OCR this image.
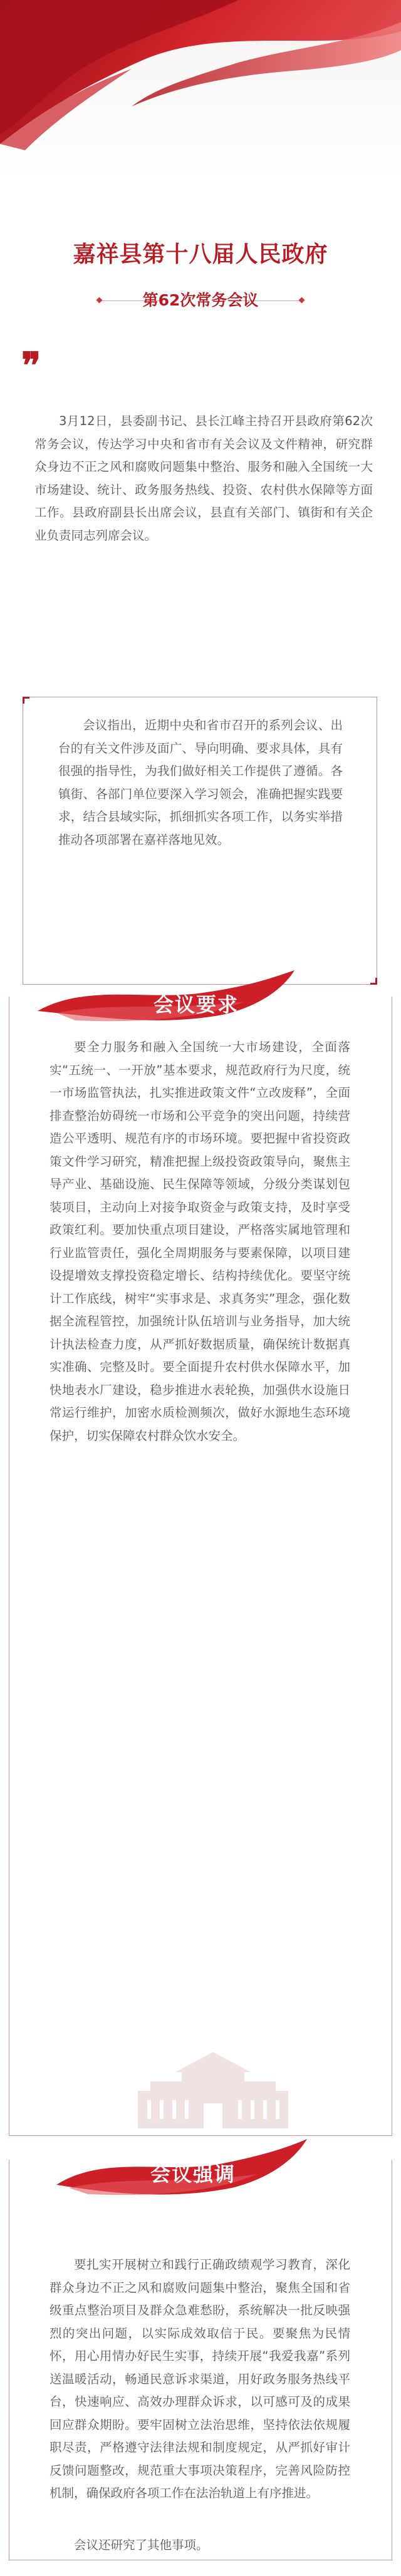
嘉祥县第十八届人民政府
第62次常务会议
❞
3月12日，县委副书记、县长江峰主持召开县政府第62次常务会议，传达学习中央和省市有关会议及文件精神，研究群众身边不正之风和腐败问题集中整治、服务和融入全国统一大市场建设、统计、政务服务热线、投资、农村供水保障等方面工作。县政府副县长出席会议，县直有关部门、镇街和有关企业负责同志列席会议。
会议指出，近期中央和省市召开的系列会议、出台的有关文件涉及面广、导向明确、要求具体，具有很强的指导性，为我们做好相关工作提供了遵循。各镇街、各部门单位要深入学习领会，准确把握实践要求，结合县域实际，抓细抓实各项工作，以务实举措推动各项部署在嘉祥落地见效。
会议要求
要全力服务和融入全国统一大市场建设，全面落实“五统一、一开放”基本要求，规范政府行为尺度，统一市场监管执法，扎实推进政策文件“立改废释”，全面排查整治妨碍统一市场和公平竞争的突出问题，持续营造公平透明、规范有序的市场环境。要把握中省投资政策文件学习研究，精准把握上级投资政策导向，聚焦主导产业、基础设施、民生保障等领域，分级分类谋划包装项目，主动向上对接争取资金与政策支持，及时享受政策红利。要加快重点项目建设，严格落实属地管理和行业监管责任，强化全周期服务与要素保障，以项目建设提增效支撑投资稳定增长、结构持续优化。要坚守统计工作底线，树牢“实事求是、求真务实”理念，强化数据全流程管控，加强统计队伍培训与业务指导，加大统计执法检查力度，从严抓好数据质量，确保统计数据真实准确、完整及时。要全面提升农村供水保障水平，加快地表水厂建设，稳步推进水表轮换，加强供水设施日常运行维护，加密水质检测频次，做好水源地生态环境保护，切实保障农村群众饮水安全。
会议强调
要扎实开展树立和践行正确政绩观学习教育，深化群众身边不正之风和腐败问题集中整治，聚焦全国和省级重点整治项目及群众急难愁盼，系统解决一批反映强烈的突出问题，以实际成效取信于民。要聚焦为民情怀，用心用情办好民生实事，持续开展“我爱我嘉”系列送温暖活动，畅通民意诉求渠道，用好政务服务热线平台，快速响应、高效办理群众诉求，以可感可及的成果回应群众期盼。要牢固树立法治思维，坚持依法依规履职尽责，严格遵守法律法规和制度规定，从严抓好审计反馈问题整改，规范重大事项决策程序，完善风险防控机制，确保政府各项工作在法治轨道上有序推进。
会议还研究了其他事项。
